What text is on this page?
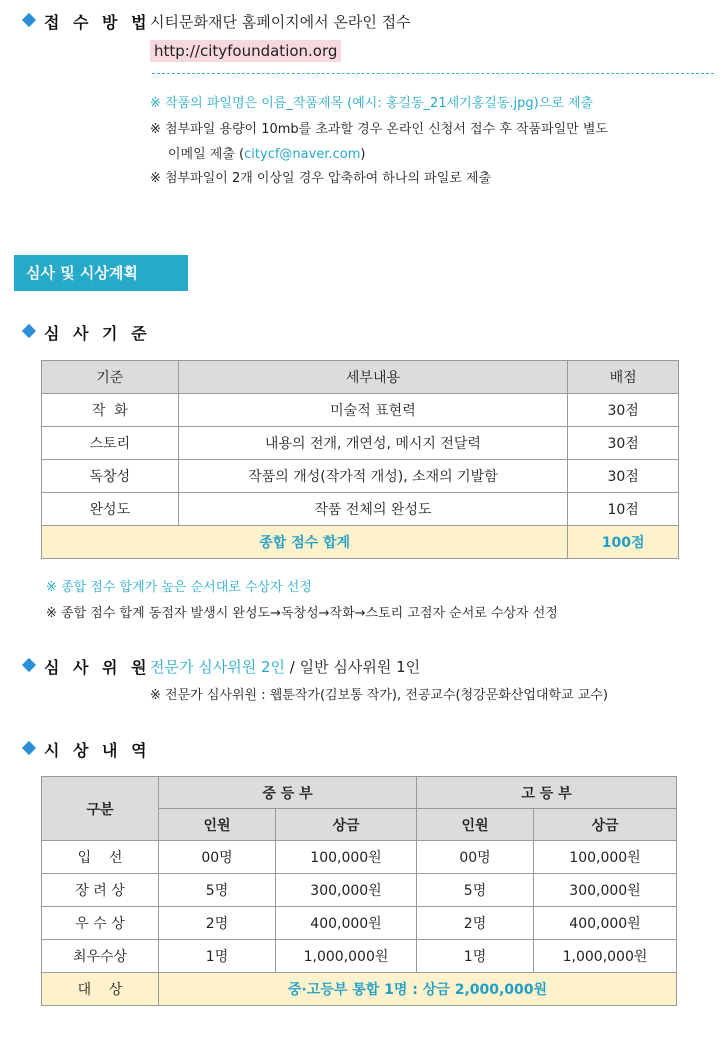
접 수 방 법 시티문화재단 홈페이지에서 온라인 접수
http://cityfoundation.org
※ 작품의 파일명은 이름_작품제목 (예시: 홍길동_21세기홍길동.jpg)으로 제출
※ 첨부파일 용량이 10mb를 초과할 경우 온라인 신청서 접수 후 작품파일만 별도
이메일 제출 (citycf@naver.com)
※ 첨부파일이 2개 이상일 경우 압축하여 하나의 파일로 제출
심사 및 시상계획
심 사 기 준
기준	세부내용	배점
작  화	미술적 표현력	30점
스토리	내용의 전개, 개연성, 메시지 전달력	30점
독창성	작품의 개성(작가적 개성), 소재의 기발함	30점
완성도	작품 전체의 완성도	10점
종합 점수 합계		100점
※ 종합 점수 합계가 높은 순서대로 수상자 선정
※ 종합 점수 합계 동점자 발생시 완성도→독창성→작화→스토리 고점자 순서로 수상자 선정
심 사 위 원 전문가 심사위원 2인 / 일반 심사위원 1인
※ 전문가 심사위원 : 웹툰작가(김보통 작가), 전공교수(청강문화산업대학교 교수)
시 상 내 역
구분	중 등 부		고 등 부	
	인원	상금	인원	상금
입    선	00명	100,000원	00명	100,000원
장 려 상	5명	300,000원	5명	300,000원
우 수 상	2명	400,000원	2명	400,000원
최우수상	1명	1,000,000원	1명	1,000,000원
대    상	중·고등부 통합 1명 : 상금 2,000,000원			
